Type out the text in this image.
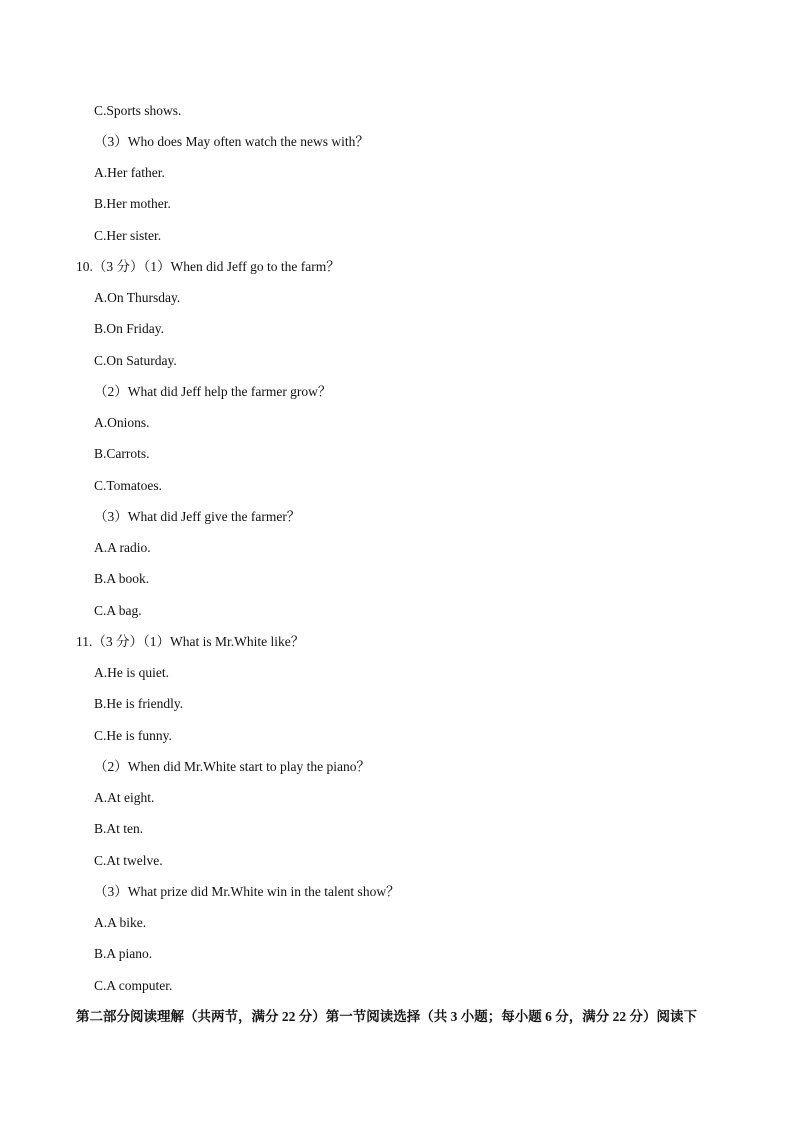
C.Sports shows.
（3）Who does May often watch the news with？
A.Her father.
B.Her mother.
C.Her sister.
10.（3 分）（1）When did Jeff go to the farm？
A.On Thursday.
B.On Friday.
C.On Saturday.
（2）What did Jeff help the farmer grow？
A.Onions.
B.Carrots.
C.Tomatoes.
（3）What did Jeff give the farmer？
A.A radio.
B.A book.
C.A bag.
11.（3 分）（1）What is Mr.White like？
A.He is quiet.
B.He is friendly.
C.He is funny.
（2）When did Mr.White start to play the piano？
A.At eight.
B.At ten.
C.At twelve.
（3）What prize did Mr.White win in the talent show？
A.A bike.
B.A piano.
C.A computer.
第二部分阅读理解（共两节，满分 22 分）第一节阅读选择（共 3 小题；每小题 6 分，满分 22 分）阅读下
